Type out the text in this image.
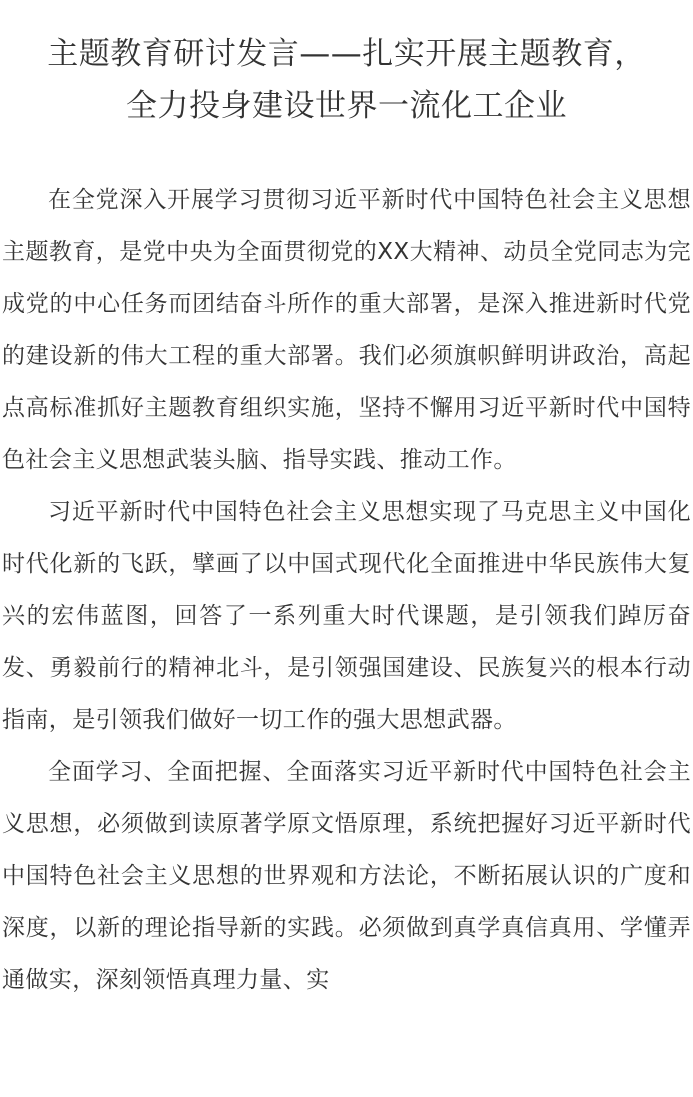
主题教育研讨发言——扎实开展主题教育，
全力投身建设世界一流化工企业

在全党深入开展学习贯彻习近平新时代中国特色社会主义思想主题教育，是党中央为全面贯彻党的XX大精神、动员全党同志为完成党的中心任务而团结奋斗所作的重大部署，是深入推进新时代党的建设新的伟大工程的重大部署。我们必须旗帜鲜明讲政治，高起点高标准抓好主题教育组织实施，坚持不懈用习近平新时代中国特色社会主义思想武装头脑、指导实践、推动工作。

习近平新时代中国特色社会主义思想实现了马克思主义中国化时代化新的飞跃，擘画了以中国式现代化全面推进中华民族伟大复兴的宏伟蓝图，回答了一系列重大时代课题，是引领我们踔厉奋发、勇毅前行的精神北斗，是引领强国建设、民族复兴的根本行动指南，是引领我们做好一切工作的强大思想武器。

全面学习、全面把握、全面落实习近平新时代中国特色社会主义思想，必须做到读原著学原文悟原理，系统把握好习近平新时代中国特色社会主义思想的世界观和方法论，不断拓展认识的广度和深度，以新的理论指导新的实践。必须做到真学真信真用、学懂弄通做实，深刻领悟真理力量、实
